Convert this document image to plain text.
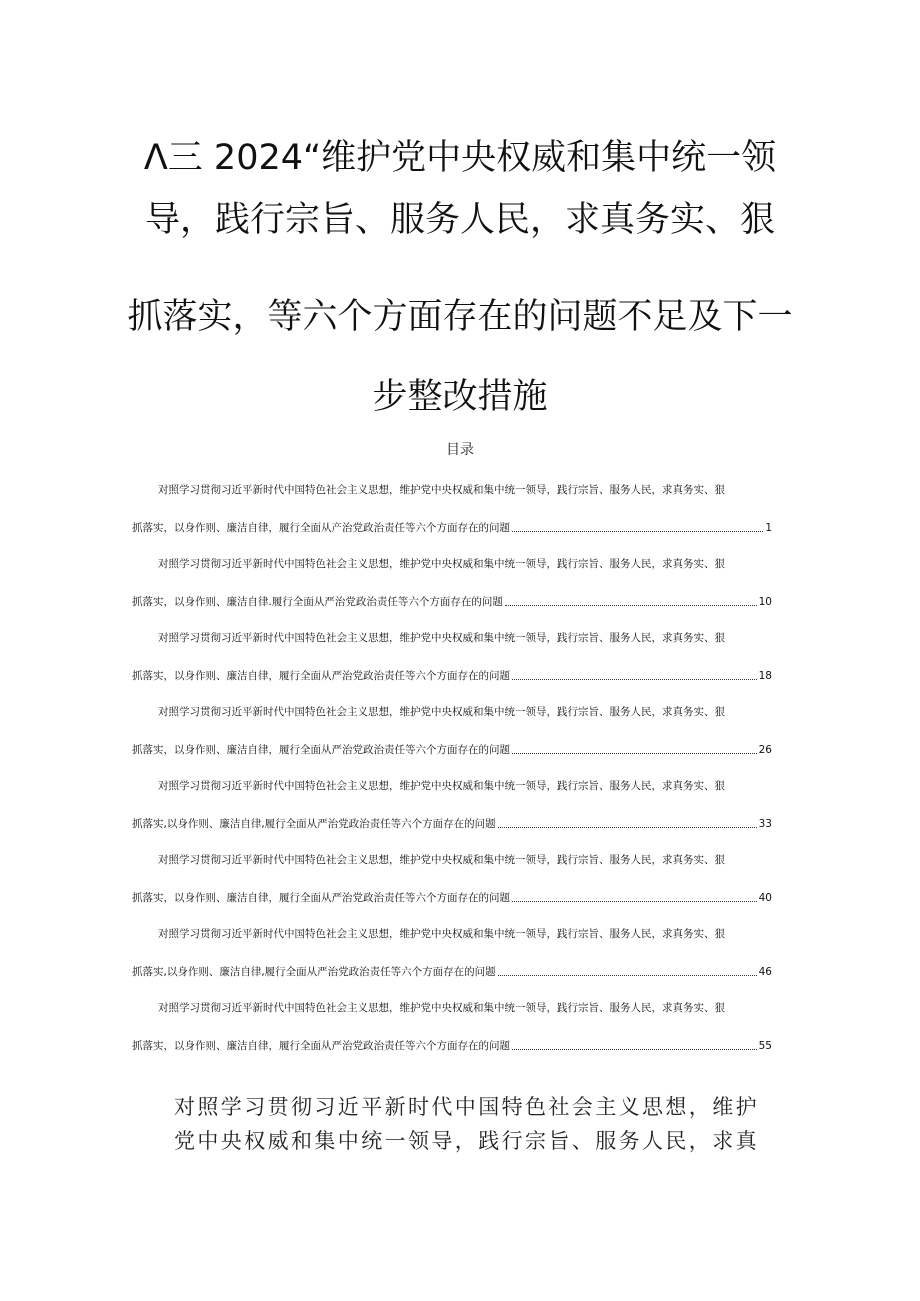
Λ三 2024“维护党中央权威和集中统一领
导，践行宗旨、服务人民，求真务实、狠
抓落实，等六个方面存在的问题不足及下一
步整改措施
目录
对照学习贯彻习近平新时代中国特色社会主义思想，维护党中央权威和集中统一领导，践行宗旨、服务人民，求真务实、狠
抓落实，以身作则、廉洁自律，履行全面从产治党政治责任等六个方面存在的问题	1
对照学习贯彻习近平新时代中国特色社会主义思想，维护党中央权威和集中统一领导，践行宗旨、服务人民，求真务实、狠
抓落实，以身作则、廉洁自律.履行全面从严治党政治责任等六个方面存在的问题	10
对照学习贯彻习近平新时代中国特色社会主义思想，维护党中央权威和集中统一领导，践行宗旨、服务人民，求真务实、狠
抓落实，以身作则、廉洁自律，履行全面从严治党政治责任等六个方面存在的问题	18
对照学习贯彻习近平新时代中国特色社会主义思想，维护党中央权威和集中统一领导，践行宗旨、服务人民，求真务实、狠
抓落实，以身作则、廉洁自律，履行全面从严治党政治责任等六个方面存在的问题	26
对照学习贯彻习近平新时代中国特色社会主义思想，维护党中央权威和集中统一领导，践行宗旨、服务人民，求真务实、狠
抓落实,以身作则、廉洁自律,履行全面从严治党政治责任等六个方面存在的问题	33
对照学习贯彻习近平新时代中国特色社会主义思想，维护党中央权威和集中统一领导，践行宗旨、服务人民，求真务实、狠
抓落实，以身作则、廉洁自律，履行全面从严治党政治责任等六个方面存在的问题	40
对照学习贯彻习近平新时代中国特色社会主义思想，维护党中央权威和集中统一领导，践行宗旨、服务人民，求真务实、狠
抓落实,以身作则、廉洁自律,履行全面从严治党政治责任等六个方面存在的问题	46
对照学习贯彻习近平新时代中国特色社会主义思想，维护党中央权威和集中统一领导，践行宗旨、服务人民，求真务实、狠
抓落实，以身作则、廉洁自律，履行全面从严治党政治责任等六个方面存在的问题	55
对照学习贯彻习近平新时代中国特色社会主义思想，维护
党中央权威和集中统一领导，践行宗旨、服务人民，求真
